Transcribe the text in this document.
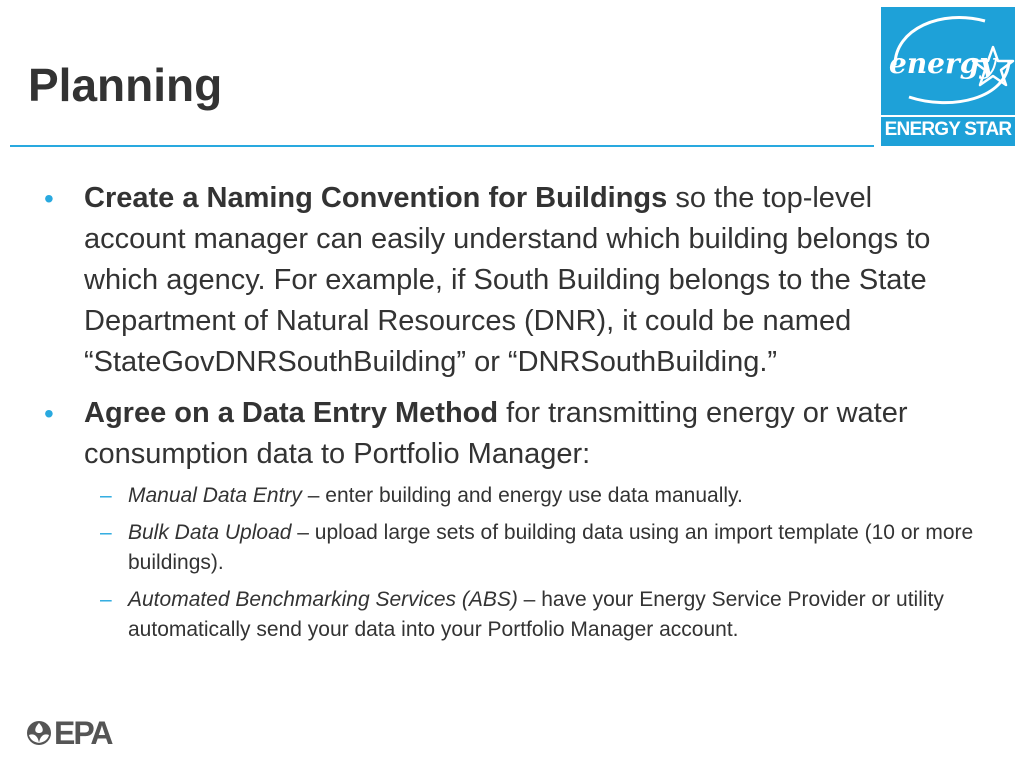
Planning	energy
ENERGY STAR
• Create a Naming Convention for Buildings so the top-level account manager can easily understand which building belongs to which agency. For example, if South Building belongs to the State Department of Natural Resources (DNR), it could be named “StateGovDNRSouthBuilding” or “DNRSouthBuilding.”
• Agree on a Data Entry Method for transmitting energy or water consumption data to Portfolio Manager:
– Manual Data Entry – enter building and energy use data manually.
– Bulk Data Upload – upload large sets of building data using an import template (10 or more buildings).
– Automated Benchmarking Services (ABS) – have your Energy Service Provider or utility automatically send your data into your Portfolio Manager account.
EPA
